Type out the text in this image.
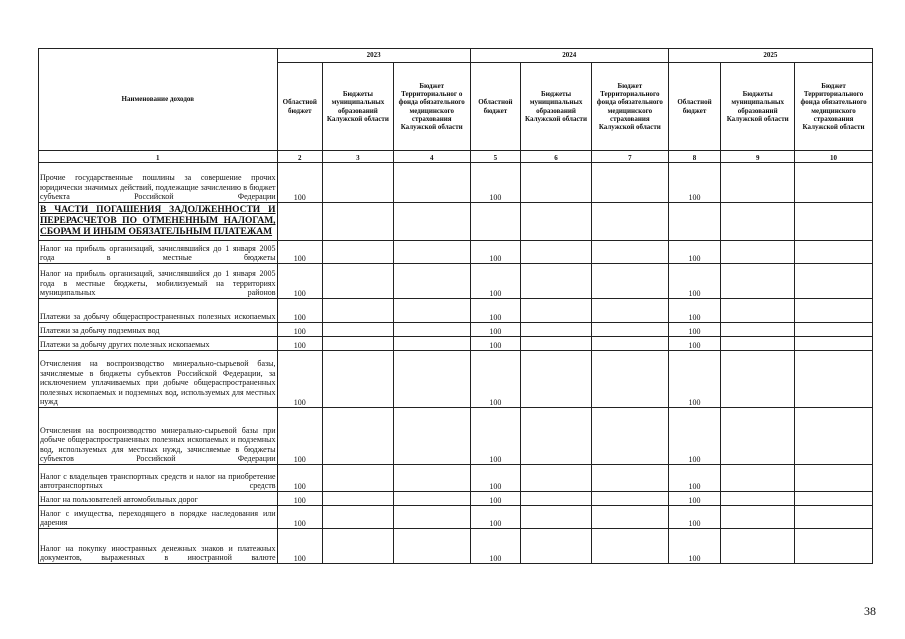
Наименование доходов	2023			2024			2025		
	Областной бюджет	Бюджеты муниципальных образований Калужской области	Бюджет Территориальног о фонда обязательного медицинского страхования Калужской области	Областной бюджет	Бюджеты муниципальных образований Калужской области	Бюджет Территориального фонда обязательного медицинского страхования Калужской области	Областной бюджет	Бюджеты муниципальных образований Калужской области	Бюджет Территориального фонда обязательного медицинского страхования Калужской области
1	2	3	4	5	6	7	8	9	10
Прочие государственные пошлины за совершение прочих юридически значимых действий, подлежащие зачислению в бюджет субъекта Российской Федерации	100			100			100		
В ЧАСТИ ПОГАШЕНИЯ ЗАДОЛЖЕННОСТИ И ПЕРЕРАСЧЕТОВ ПО ОТМЕНЕННЫМ НАЛОГАМ, СБОРАМ И ИНЫМ ОБЯЗАТЕЛЬНЫМ ПЛАТЕЖАМ									
Налог на прибыль организаций, зачислявшийся до 1 января 2005 года в местные бюджеты	100			100			100		
Налог на прибыль организаций, зачислявшийся до 1 января 2005 года в местные бюджеты, мобилизуемый на территориях муниципальных районов	100			100			100		
Платежи за добычу общераспространенных полезных ископаемых	100			100			100		
Платежи за добычу подземных вод	100			100			100		
Платежи за добычу других полезных ископаемых	100			100			100		
Отчисления на воспроизводство минерально-сырьевой базы, зачисляемые в бюджеты субъектов Российской Федерации, за исключением уплачиваемых при добыче общераспространенных полезных ископаемых и подземных вод, используемых для местных нужд	100			100			100		
Отчисления на воспроизводство минерально-сырьевой базы при добыче общераспространенных полезных ископаемых и подземных вод, используемых для местных нужд, зачисляемые в бюджеты субъектов Российской Федерации	100			100			100		
Налог с владельцев транспортных средств и налог на приобретение автотранспортных средств	100			100			100		
Налог на пользователей автомобильных дорог	100			100			100		
Налог с имущества, переходящего в порядке наследования или дарения	100			100			100		
Налог на покупку иностранных денежных знаков и платежных документов, выраженных в иностранной валюте	100			100			100		
38
